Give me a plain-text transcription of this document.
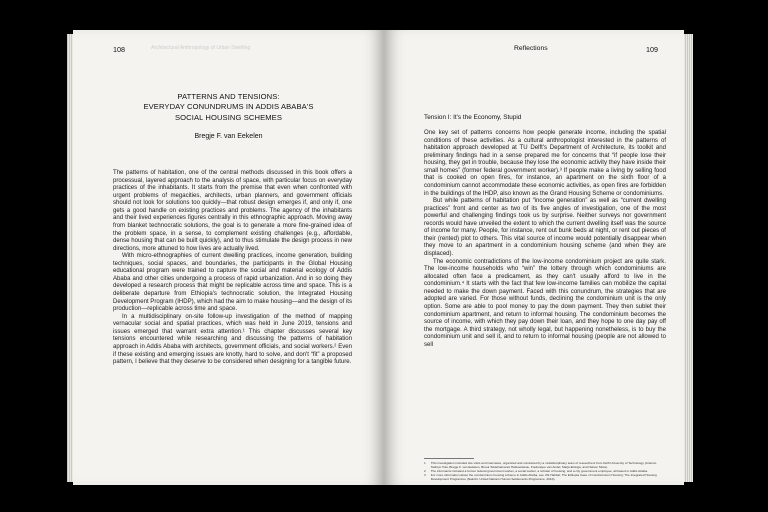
108	Architectural Anthropology of Urban Dwelling
PATTERNS AND TENSIONS:
EVERYDAY CONUNDRUMS IN ADDIS ABABA'S
SOCIAL HOUSING SCHEMES
Bregje F. van Eekelen

The patterns of habitation, one of the central methods discussed in this book offers a processual, layered approach to the analysis of space, with particular focus on everyday practices of the inhabitants. It starts from the premise that even when confronted with urgent problems of megacities, architects, urban planners, and government officials should not look for solutions too quickly—that robust design emerges if, and only if, one gets a good handle on existing practices and problems. The agency of the inhabitants and their lived experiences figures centrally in this ethnographic approach. Moving away from blanket technocratic solutions, the goal is to generate a more fine-grained idea of the problem space, in a sense, to complement existing challenges (e.g., affordable, dense housing that can be built quickly), and to thus stimulate the design process in new directions, more attuned to how lives are actually lived.

With micro-ethnographies of current dwelling practices, income generation, building techniques, social spaces, and boundaries, the participants in the Global Housing educational program were trained to capture the social and material ecology of Addis Ababa and other cities undergoing a process of rapid urbanization. And in so doing they developed a research process that might be replicable across time and space. This is a deliberate departure from Ethiopia's technocratic solution, the Integrated Housing Development Program (IHDP), which had the aim to make housing—and the design of its production—replicable across time and space.

In a multidisciplinary on-site follow-up investigation of the method of mapping vernacular social and spatial practices, which was held in June 2019, tensions and issues emerged that warrant extra attention.¹ This chapter discusses several key tensions encountered while researching and discussing the patterns of habitation approach in Addis Ababa with architects, government officials, and social workers.² Even if these existing and emerging issues are knotty, hard to solve, and don't “fit” a proposed pattern, I believe that they deserve to be considered when designing for a tangible future.

Reflections	109
Tension I: It's the Economy, Stupid

One key set of patterns concerns how people generate income, including the spatial conditions of these activities. As a cultural anthropologist interested in the patterns of habitation approach developed at TU Delft's Department of Architecture, its toolkit and preliminary findings had in a sense prepared me for concerns that “if people lose their housing, they get in trouble, because they lose the economic activity they have inside their small homes” (former federal government worker).³ If people make a living by selling food that is cooked on open fires, for instance, an apartment on the sixth floor of a condominium cannot accommodate these economic activities, as open fires are forbidden in the buildings of the IHDP, also known as the Grand Housing Scheme or condominiums.

But while patterns of habitation put “income generation” as well as “current dwelling practices” front and center as two of its five angles of investigation, one of the most powerful and challenging findings took us by surprise. Neither surveys nor government records would have unveiled the extent to which the current dwelling itself was the source of income for many. People, for instance, rent out bunk beds at night, or rent out pieces of their (rented) plot to others. This vital source of income would potentially disappear when they move to an apartment in a condominium housing scheme (and when they are displaced).

The economic contradictions of the low-income condominium project are quite stark. The low-income households who “win” the lottery through which condominiums are allocated often face a predicament, as they can't usually afford to live in the condominium.⁴ It starts with the fact that few low-income families can mobilize the capital needed to make the down payment. Faced with this conundrum, the strategies that are adopted are varied. For those without funds, declining the condominium unit is the only option. Some are able to pool money to pay the down payment. They then sublet their condominium apartment, and return to informal housing. The condominium becomes the source of income, with which they pay down their loan, and they hope to one day pay off the mortgage. A third strategy, not wholly legal, but happening nonetheless, is to buy the condominium unit and sell it, and to return to informal housing (people are not allowed to sell

1 This investigation included site visits and interviews, organized and conducted by a multidisciplinary team of researchers from Delft University of Technology (Antonio Tashiyo Tola, Bregje F. van Eekelen, Brook Teklehaimanot Haileselassie, Frederique van Andel, Marja Elsinga, and Nelson Mota).
2 The informants included a former federal government worker, a social worker, a scholar of housing, and a city government employee, all based in Addis Ababa.
3 For more information about the condominium housing scheme in Addis Ababa, see UN-Habitat, The Ethiopia Case of Condominium Housing: The Integrated Housing Development Programme (Nairobi: United Nations Human Settlements Programme, 2010).
